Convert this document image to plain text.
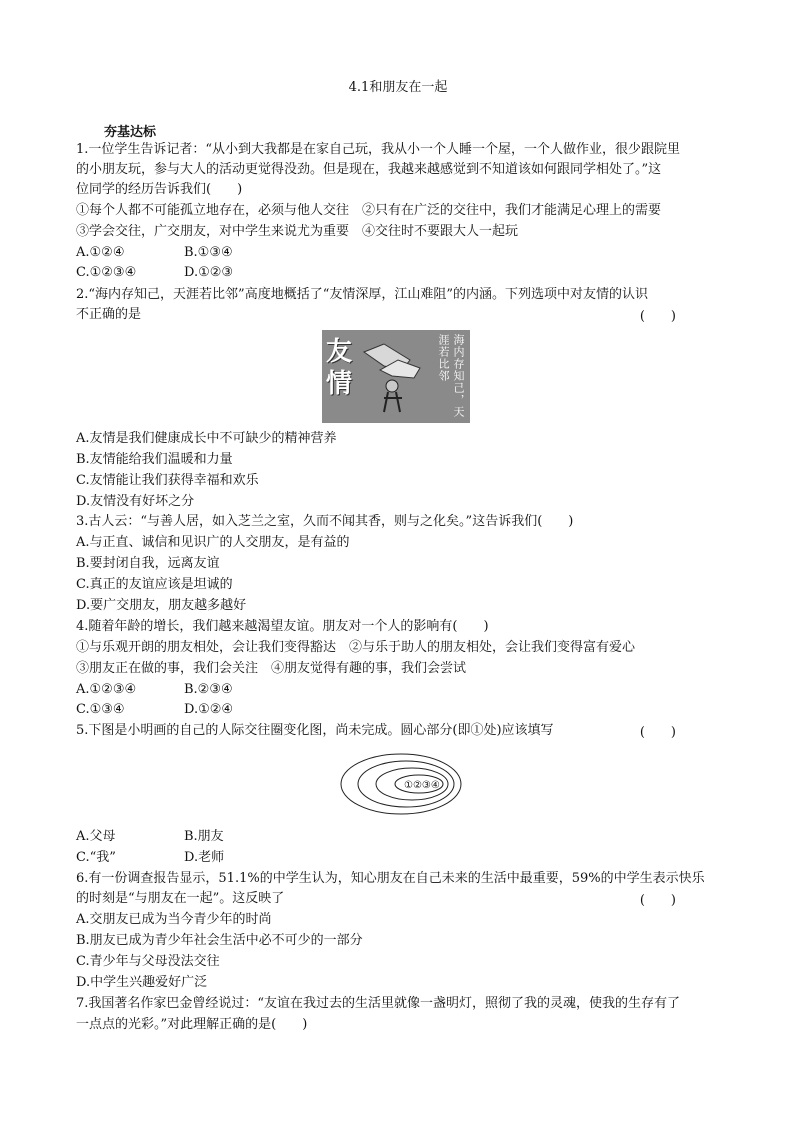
4.1和朋友在一起
夯基达标
1.一位学生告诉记者：“从小到大我都是在家自己玩，我从小一个人睡一个屋，一个人做作业，很少跟院里
的小朋友玩，参与大人的活动更觉得没劲。但是现在，我越来越感觉到不知道该如何跟同学相处了。”这
位同学的经历告诉我们(　　)
①每个人都不可能孤立地存在，必须与他人交往　②只有在广泛的交往中，我们才能满足心理上的需要
③学会交往，广交朋友，对中学生来说尤为重要　④交往时不要跟大人一起玩
A.①②④	B.①③④
C.①②③④	D.①②③
2.“海内存知己，天涯若比邻”高度地概括了“友情深厚，江山难阻”的内涵。下列选项中对友情的认识
不正确的是	(　　)
友情	海内存知己，天涯若比邻
A.友情是我们健康成长中不可缺少的精神营养
B.友情能给我们温暖和力量
C.友情能让我们获得幸福和欢乐
D.友情没有好坏之分
3.古人云：“与善人居，如入芝兰之室，久而不闻其香，则与之化矣。”这告诉我们(　　)
A.与正直、诚信和见识广的人交朋友，是有益的
B.要封闭自我，远离友谊
C.真正的友谊应该是坦诚的
D.要广交朋友，朋友越多越好
4.随着年龄的增长，我们越来越渴望友谊。朋友对一个人的影响有(　　)
①与乐观开朗的朋友相处，会让我们变得豁达　②与乐于助人的朋友相处，会让我们变得富有爱心
③朋友正在做的事，我们会关注　④朋友觉得有趣的事，我们会尝试
A.①②③④	B.②③④
C.①③④	D.①②④
5.下图是小明画的自己的人际交往圈变化图，尚未完成。圆心部分(即①处)应该填写	(　　)
①②③④
A.父母	B.朋友
C.“我”	D.老师
6.有一份调查报告显示，51.1%的中学生认为，知心朋友在自己未来的生活中最重要，59%的中学生表示快乐
的时刻是“与朋友在一起”。这反映了	(　　)
A.交朋友已成为当今青少年的时尚
B.朋友已成为青少年社会生活中必不可少的一部分
C.青少年与父母没法交往
D.中学生兴趣爱好广泛
7.我国著名作家巴金曾经说过：“友谊在我过去的生活里就像一盏明灯，照彻了我的灵魂，使我的生存有了
一点点的光彩。”对此理解正确的是(　　)
